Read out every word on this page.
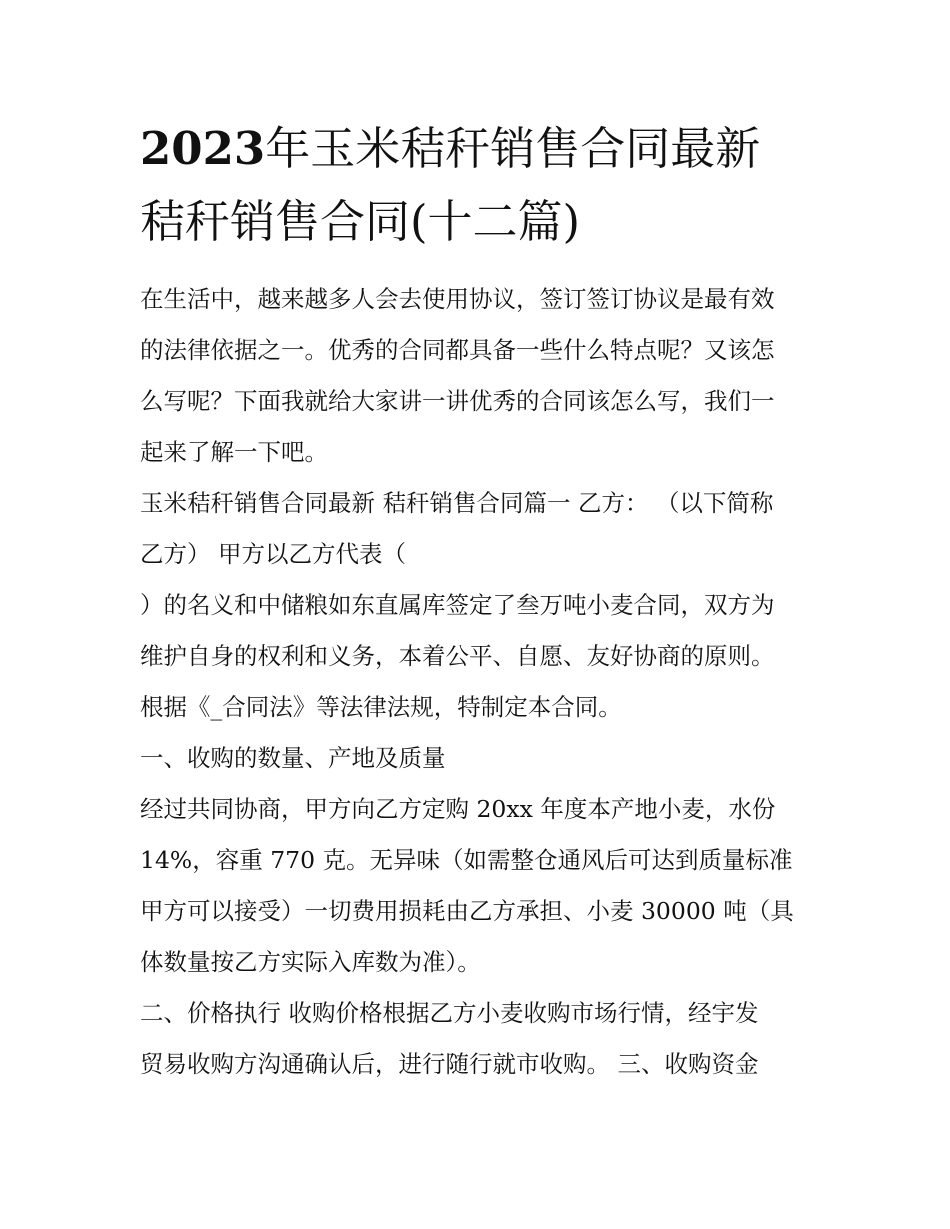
2023年玉米秸秆销售合同最新
秸秆销售合同(十二篇)

在生活中，越来越多人会去使用协议，签订签订协议是最有效

的法律依据之一。优秀的合同都具备一些什么特点呢？又该怎

么写呢？下面我就给大家讲一讲优秀的合同该怎么写，我们一

起来了解一下吧。

玉米秸秆销售合同最新 秸秆销售合同篇一 乙方： （以下简称

乙方） 甲方以乙方代表（

）的名义和中储粮如东直属库签定了叁万吨小麦合同，双方为

维护自身的权利和义务，本着公平、自愿、友好协商的原则。

根据《_合同法》等法律法规，特制定本合同。

一、收购的数量、产地及质量

经过共同协商，甲方向乙方定购 20xx 年度本产地小麦，水份

14%，容重 770 克。无异味（如需整仓通风后可达到质量标准

甲方可以接受）一切费用损耗由乙方承担、小麦 30000 吨（具

体数量按乙方实际入库数为准）。

二、价格执行 收购价格根据乙方小麦收购市场行情，经宇发

贸易收购方沟通确认后，进行随行就市收购。 三、收购资金
